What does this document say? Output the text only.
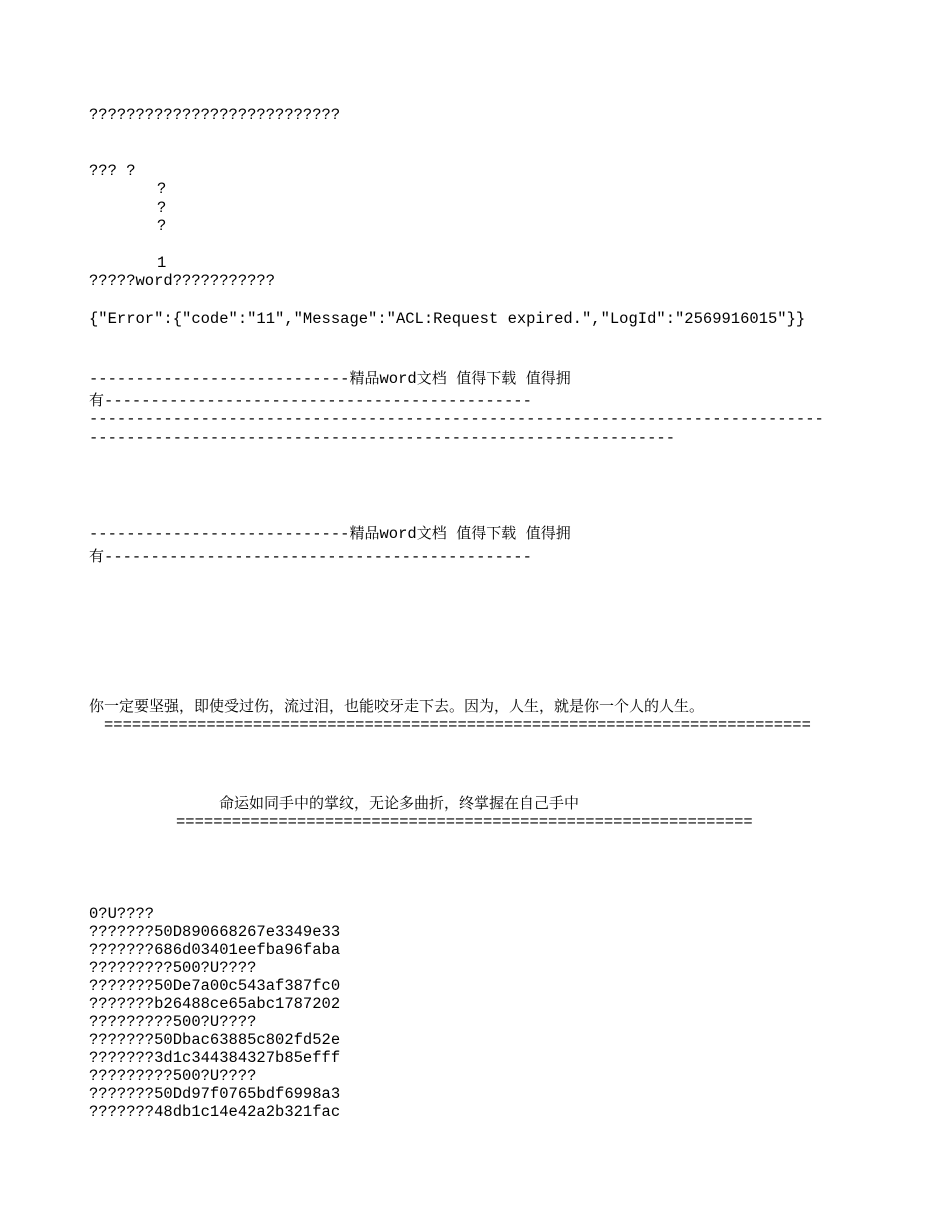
???????????????????????????
??? ?
?
?
?
1
?????word???????????
{"Error":{"code":"11","Message":"ACL:Request expired.","LogId":"2569916015"}}
----------------------------精品word文档  值得下载  值得拥
有----------------------------------------------
-------------------------------------------------------------------------------
---------------------------------------------------------------
----------------------------精品word文档  值得下载  值得拥
有----------------------------------------------
你一定要坚强，即使受过伤，流过泪，也能咬牙走下去。因为，人生，就是你一个人的人生。
============================================================================
命运如同手中的掌纹，无论多曲折，终掌握在自己手中
==============================================================
0?U????
???????50D890668267e3349e33
???????686d03401eefba96faba
?????????500?U????
???????50De7a00c543af387fc0
???????b26488ce65abc1787202
?????????500?U????
???????50Dbac63885c802fd52e
???????3d1c344384327b85efff
?????????500?U????
???????50Dd97f0765bdf6998a3
???????48db1c14e42a2b321fac
